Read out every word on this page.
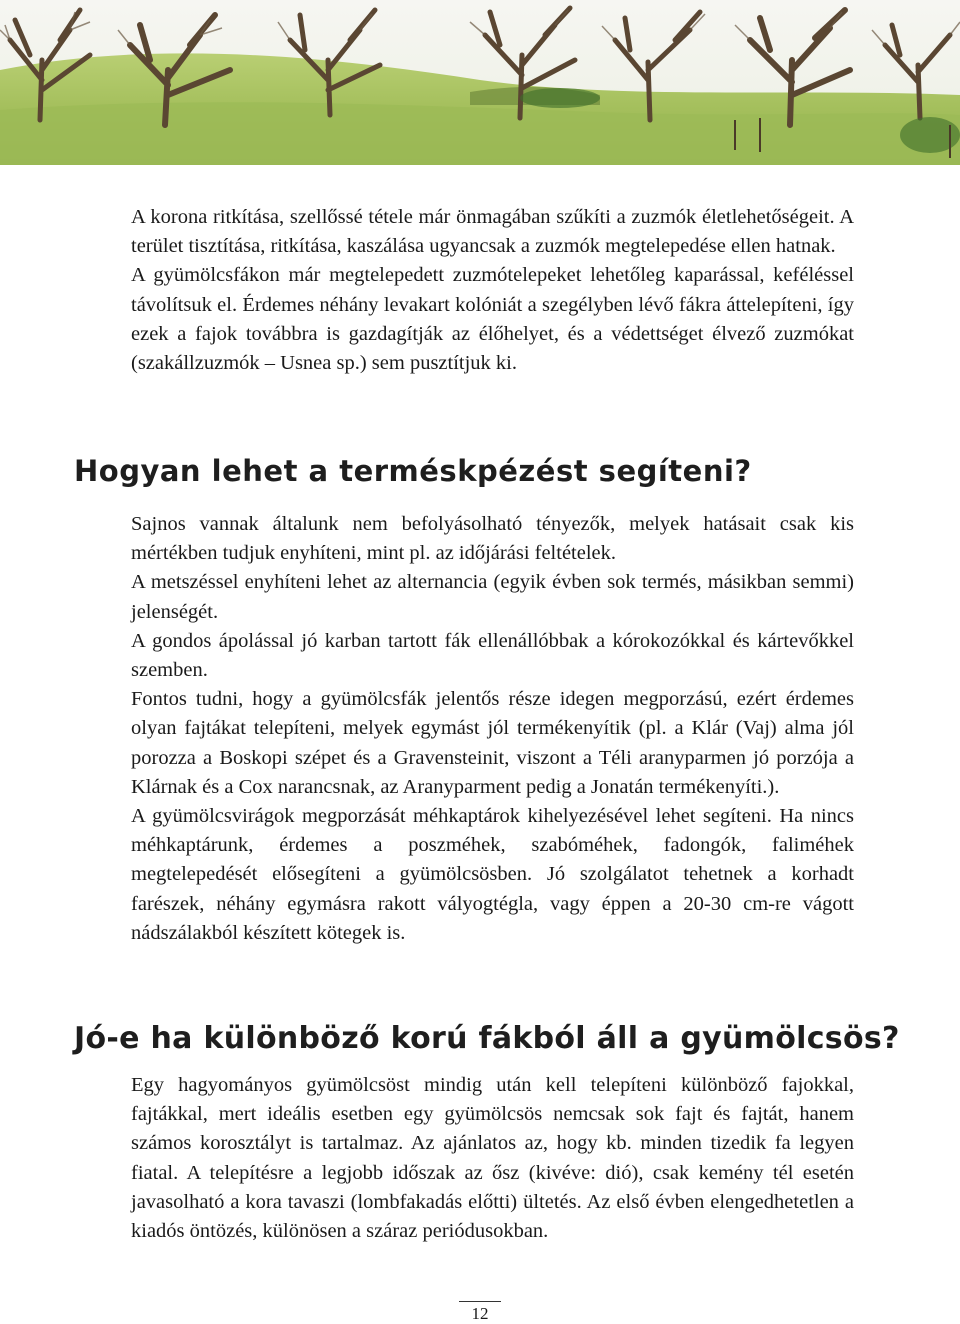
A korona ritkítása, szellőssé tétele már önmagában szűkíti a zuzmók életlehetőségeit. A terület tisztítása, ritkítása, kaszálása ugyancsak a zuzmók megtelepedése ellen hatnak.

A gyümölcsfákon már megtelepedett zuzmótelepeket lehetőleg kaparással, keféléssel távolítsuk el. Érdemes néhány levakart kolóniát a szegélyben lévő fákra áttelepíteni, így ezek a fajok továbbra is gazdagítják az élőhelyet, és a védettséget élvező zuzmókat (szakállzuzmók – Usnea sp.) sem pusztítjuk ki.

Hogyan lehet a terméskpézést segíteni?

Sajnos vannak általunk nem befolyásolható tényezők, melyek hatásait csak kis mértékben tudjuk enyhíteni, mint pl. az időjárási feltételek.

A metszéssel enyhíteni lehet az alternancia (egyik évben sok termés, másikban semmi) jelenségét.

A gondos ápolással jó karban tartott fák ellenállóbbak a kórokozókkal és kártevőkkel szemben.

Fontos tudni, hogy a gyümölcsfák jelentős része idegen megporzású, ezért érdemes olyan fajtákat telepíteni, melyek egymást jól termékenyítik (pl. a Klár (Vaj) alma jól porozza a Boskopi szépet és a Gravensteinit, viszont a Téli aranyparmen jó porzója a Klárnak és a Cox narancsnak, az Aranyparment pedig a Jonatán termékenyíti.).

A gyümölcsvirágok megporzását méhkaptárok kihelyezésével lehet segíteni. Ha nincs méhkaptárunk, érdemes a poszméhek, szabóméhek, fadongók, faliméhek megtelepedését elősegíteni a gyümölcsösben. Jó szolgálatot tehetnek a korhadt farészek, néhány egymásra rakott vályogtégla, vagy éppen a 20-30 cm-re vágott nádszálakból készített kötegek is.

Jó-e ha különböző korú fákból áll a gyümölcsös?

Egy hagyományos gyümölcsöst mindig után kell telepíteni különböző fajokkal, fajtákkal, mert ideális esetben egy gyümölcsös nemcsak sok fajt és fajtát, hanem számos korosztályt is tartalmaz. Az ajánlatos az, hogy kb. minden tizedik fa legyen fiatal. A telepítésre a legjobb időszak az ősz (kivéve: dió), csak kemény tél esetén javasolható a kora tavaszi (lombfakadás előtti) ültetés. Az első évben elengedhetetlen a kiadós öntözés, különösen a száraz periódusokban.

12
